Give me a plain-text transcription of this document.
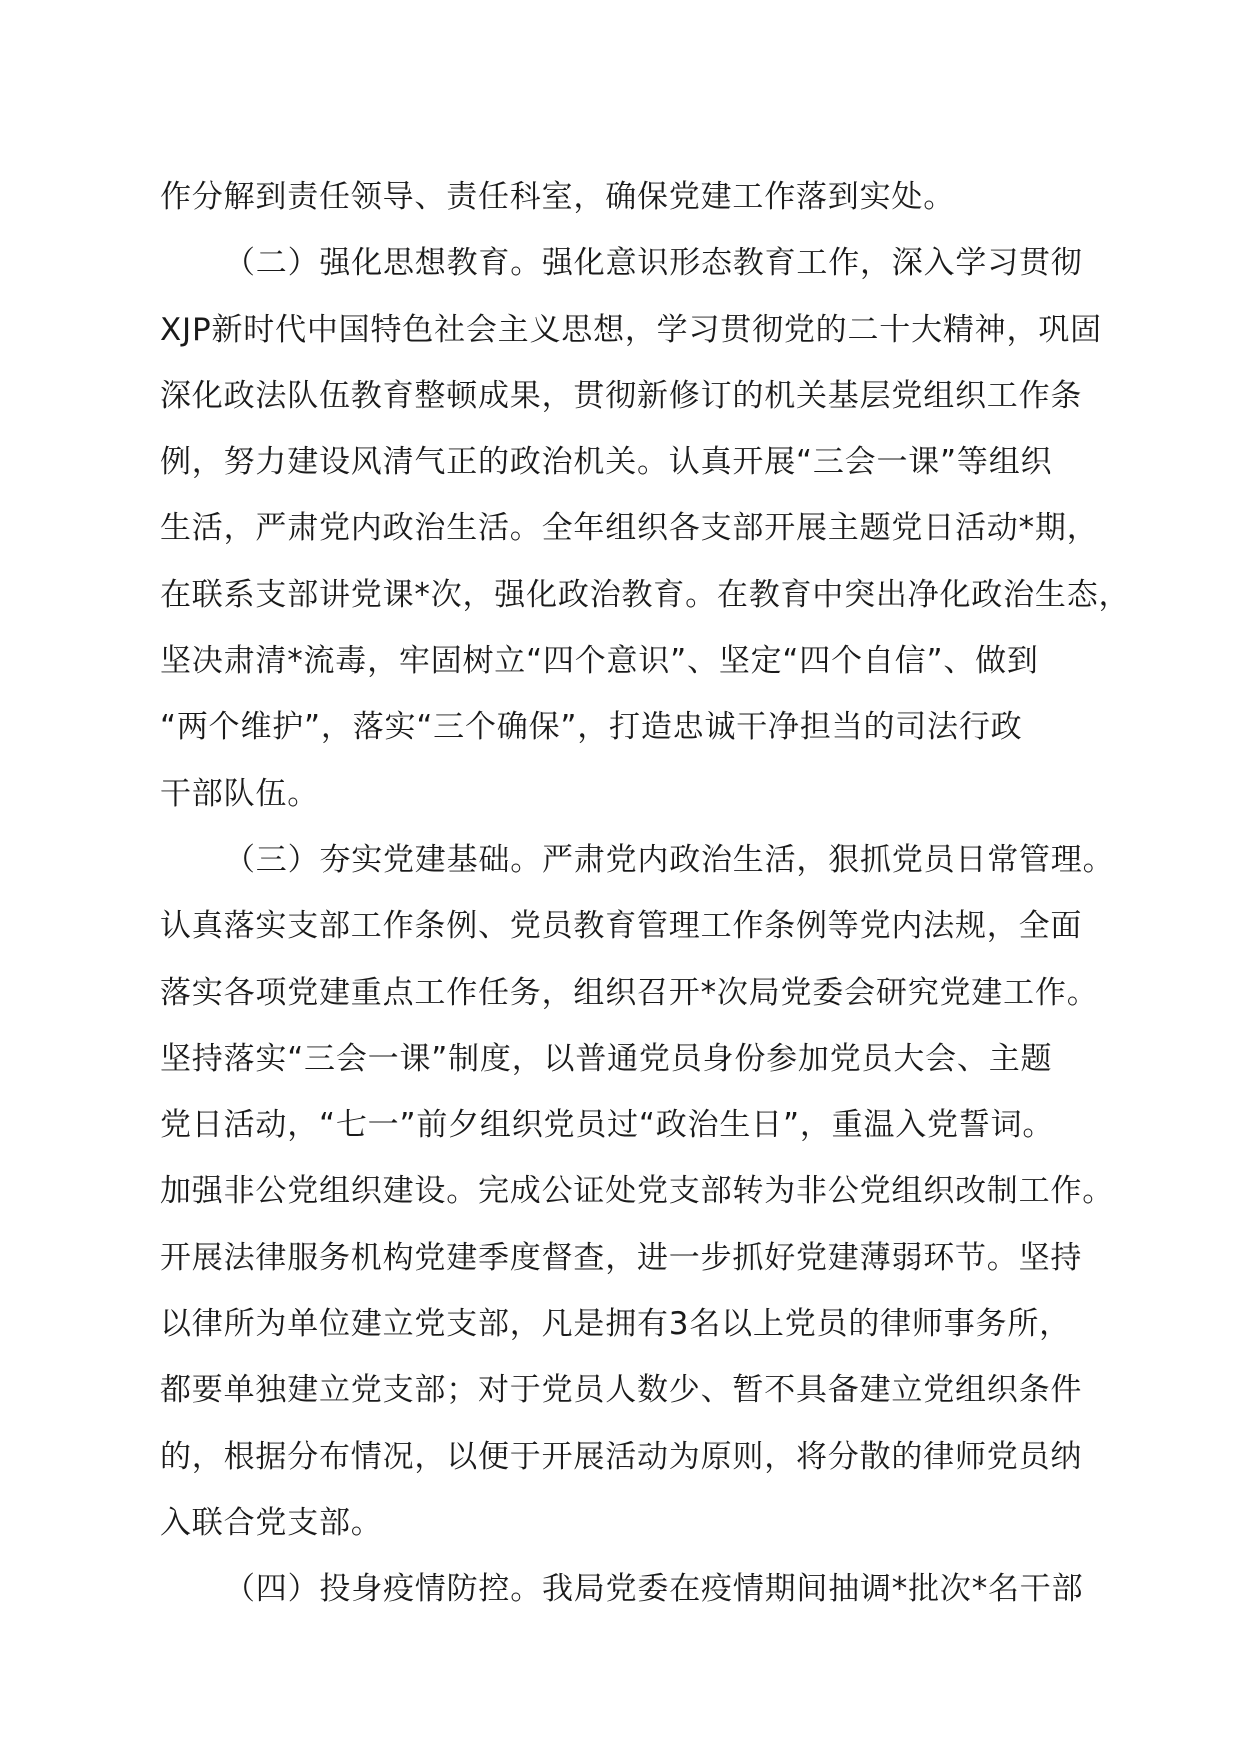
作分解到责任领导、责任科室，确保党建工作落到实处。
（二）强化思想教育。强化意识形态教育工作，深入学习贯彻
XJP新时代中国特色社会主义思想，学习贯彻党的二十大精神，巩固
深化政法队伍教育整顿成果，贯彻新修订的机关基层党组织工作条
例，努力建设风清气正的政治机关。认真开展“三会一课”等组织
生活，严肃党内政治生活。全年组织各支部开展主题党日活动*期，
在联系支部讲党课*次，强化政治教育。在教育中突出净化政治生态，
坚决肃清*流毒，牢固树立“四个意识”、坚定“四个自信”、做到
“两个维护”，落实“三个确保”，打造忠诚干净担当的司法行政
干部队伍。
（三）夯实党建基础。严肃党内政治生活，狠抓党员日常管理。
认真落实支部工作条例、党员教育管理工作条例等党内法规，全面
落实各项党建重点工作任务，组织召开*次局党委会研究党建工作。
坚持落实“三会一课”制度，以普通党员身份参加党员大会、主题
党日活动，“七一”前夕组织党员过“政治生日”，重温入党誓词。
加强非公党组织建设。完成公证处党支部转为非公党组织改制工作。
开展法律服务机构党建季度督查，进一步抓好党建薄弱环节。坚持
以律所为单位建立党支部，凡是拥有3名以上党员的律师事务所，
都要单独建立党支部；对于党员人数少、暂不具备建立党组织条件
的，根据分布情况，以便于开展活动为原则，将分散的律师党员纳
入联合党支部。
（四）投身疫情防控。我局党委在疫情期间抽调*批次*名干部
